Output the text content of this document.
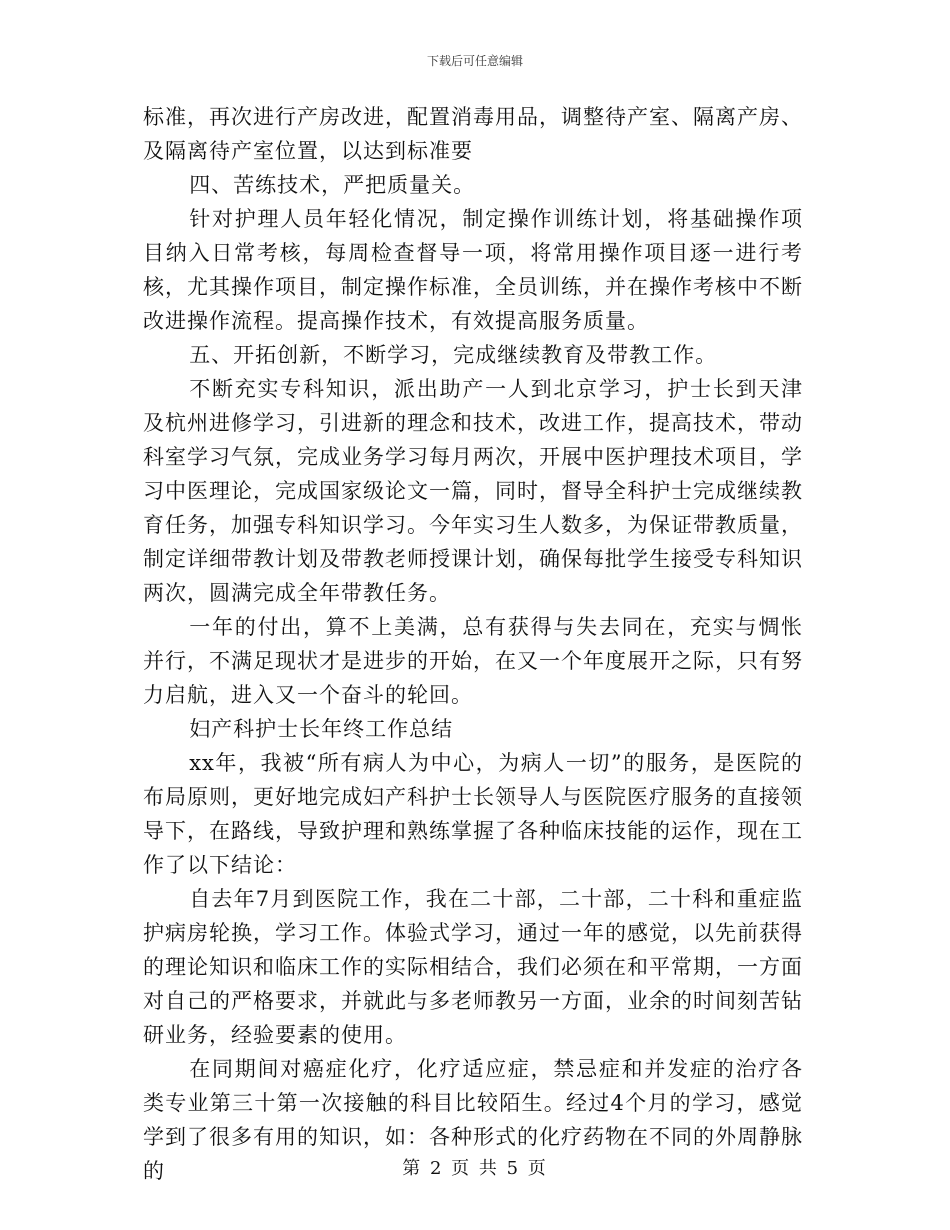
下载后可任意编辑

标准，再次进行产房改进，配置消毒用品，调整待产室、隔离产房、及隔离待产室位置，以达到标准要

四、苦练技术，严把质量关。

针对护理人员年轻化情况，制定操作训练计划，将基础操作项目纳入日常考核，每周检查督导一项，将常用操作项目逐一进行考核，尤其操作项目，制定操作标准，全员训练，并在操作考核中不断改进操作流程。提高操作技术，有效提高服务质量。

五、开拓创新，不断学习，完成继续教育及带教工作。

不断充实专科知识，派出助产一人到北京学习，护士长到天津及杭州进修学习，引进新的理念和技术，改进工作，提高技术，带动科室学习气氛，完成业务学习每月两次，开展中医护理技术项目，学习中医理论，完成国家级论文一篇，同时，督导全科护士完成继续教育任务，加强专科知识学习。今年实习生人数多，为保证带教质量，制定详细带教计划及带教老师授课计划，确保每批学生接受专科知识两次，圆满完成全年带教任务。

一年的付出，算不上美满，总有获得与失去同在，充实与惆怅并行，不满足现状才是进步的开始，在又一个年度展开之际，只有努力启航，进入又一个奋斗的轮回。

妇产科护士长年终工作总结

xx年，我被“所有病人为中心，为病人一切”的服务，是医院的布局原则，更好地完成妇产科护士长领导人与医院医疗服务的直接领导下，在路线，导致护理和熟练掌握了各种临床技能的运作，现在工作了以下结论：

自去年7月到医院工作，我在二十部，二十部，二十科和重症监护病房轮换，学习工作。体验式学习，通过一年的感觉，以先前获得的理论知识和临床工作的实际相结合，我们必须在和平常期，一方面对自己的严格要求，并就此与多老师教另一方面，业余的时间刻苦钻研业务，经验要素的使用。

在同期间对癌症化疗，化疗适应症，禁忌症和并发症的治疗各类专业第三十第一次接触的科目比较陌生。经过4个月的学习，感觉学到了很多有用的知识，如：各种形式的化疗药物在不同的外周静脉的	第 2 页 共 5 页
